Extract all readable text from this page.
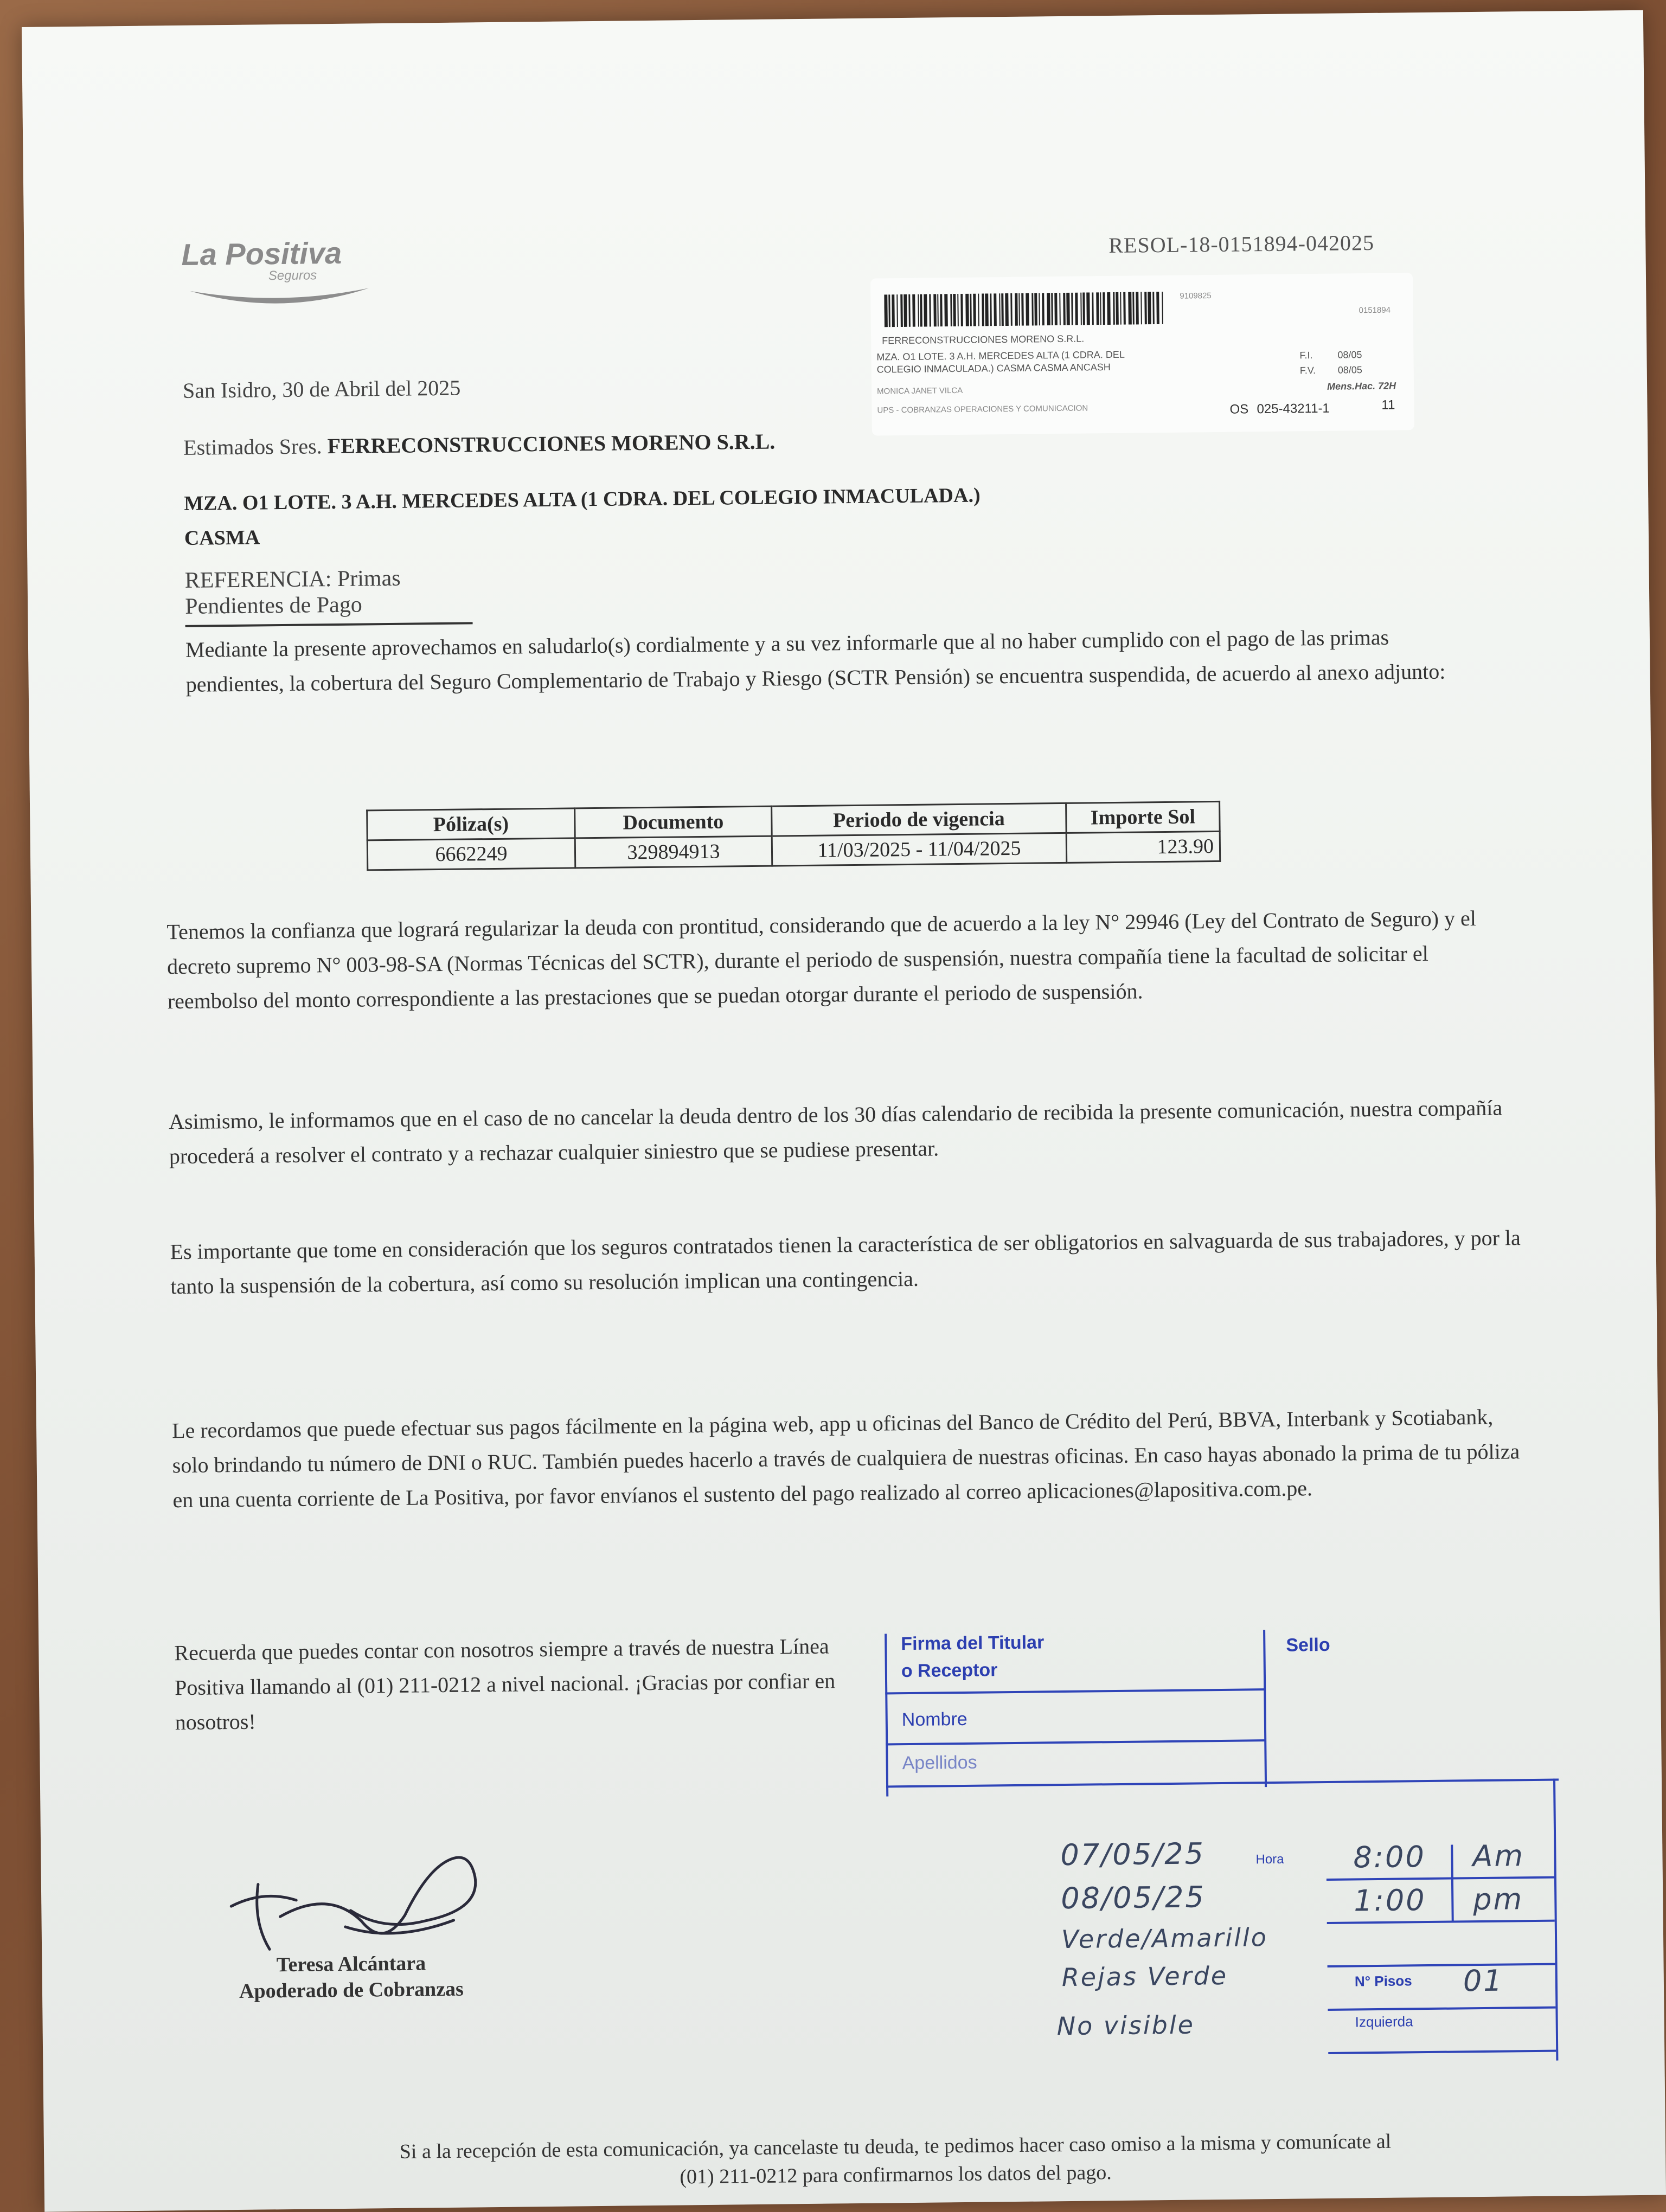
La Positiva
Seguros
RESOL-18-0151894-042025
9109825
0151894
FERRECONSTRUCCIONES MORENO S.R.L.
MZA. O1 LOTE. 3 A.H. MERCEDES ALTA (1 CDRA. DEL
COLEGIO INMACULADA.) CASMA CASMA ANCASH
MONICA JANET VILCA
UPS - COBRANZAS OPERACIONES Y COMUNICACION
F.I.	08/05
F.V. 08/05
Mens.Hac. 72H
OS 025-43211-1	11
San Isidro, 30 de Abril del 2025
Estimados Sres. FERRECONSTRUCCIONES MORENO S.R.L.
MZA. O1 LOTE. 3 A.H. MERCEDES ALTA (1 CDRA. DEL COLEGIO INMACULADA.)
CASMA
REFERENCIA: Primas Pendientes de Pago
Mediante la presente aprovechamos en saludarlo(s) cordialmente y a su vez informarle que al no haber cumplido con el pago de las primas pendientes, la cobertura del Seguro Complementario de Trabajo y Riesgo (SCTR Pensión) se encuentra suspendida, de acuerdo al anexo adjunto:
Póliza(s)	Documento	Periodo de vigencia	Importe Sol
6662249	329894913	11/03/2025 - 11/04/2025	123.90
Tenemos la confianza que logrará regularizar la deuda con prontitud, considerando que de acuerdo a la ley N° 29946 (Ley del Contrato de Seguro) y el decreto supremo N° 003-98-SA (Normas Técnicas del SCTR), durante el periodo de suspensión, nuestra compañía tiene la facultad de solicitar el reembolso del monto correspondiente a las prestaciones que se puedan otorgar durante el periodo de suspensión.
Asimismo, le informamos que en el caso de no cancelar la deuda dentro de los 30 días calendario de recibida la presente comunicación, nuestra compañía procederá a resolver el contrato y a rechazar cualquier siniestro que se pudiese presentar.
Es importante que tome en consideración que los seguros contratados tienen la característica de ser obligatorios en salvaguarda de sus trabajadores, y por la tanto la suspensión de la cobertura, así como su resolución implican una contingencia.
Le recordamos que puede efectuar sus pagos fácilmente en la página web, app u oficinas del Banco de Crédito del Perú, BBVA, Interbank y Scotiabank, solo brindando tu número de DNI o RUC. También puedes hacerlo a través de cualquiera de nuestras oficinas. En caso hayas abonado la prima de tu póliza en una cuenta corriente de La Positiva, por favor envíanos el sustento del pago realizado al correo aplicaciones@lapositiva.com.pe.
Recuerda que puedes contar con nosotros siempre a través de nuestra Línea Positiva llamando al (01) 211-0212 a nivel nacional. ¡Gracias por confiar en nosotros!
Teresa Alcántara
Apoderado de Cobranzas
Firma del Titular
o Receptor
Sello
Nombre
Apellidos
Hora
07/05/25	8:00 Am
08/05/25	1:00 pm
Verde/Amarillo
Rejas Verde
No visible
N° Pisos 01
Izquierda
Si a la recepción de esta comunicación, ya cancelaste tu deuda, te pedimos hacer caso omiso a la misma y comunícate al
(01) 211-0212 para confirmarnos los datos del pago.
